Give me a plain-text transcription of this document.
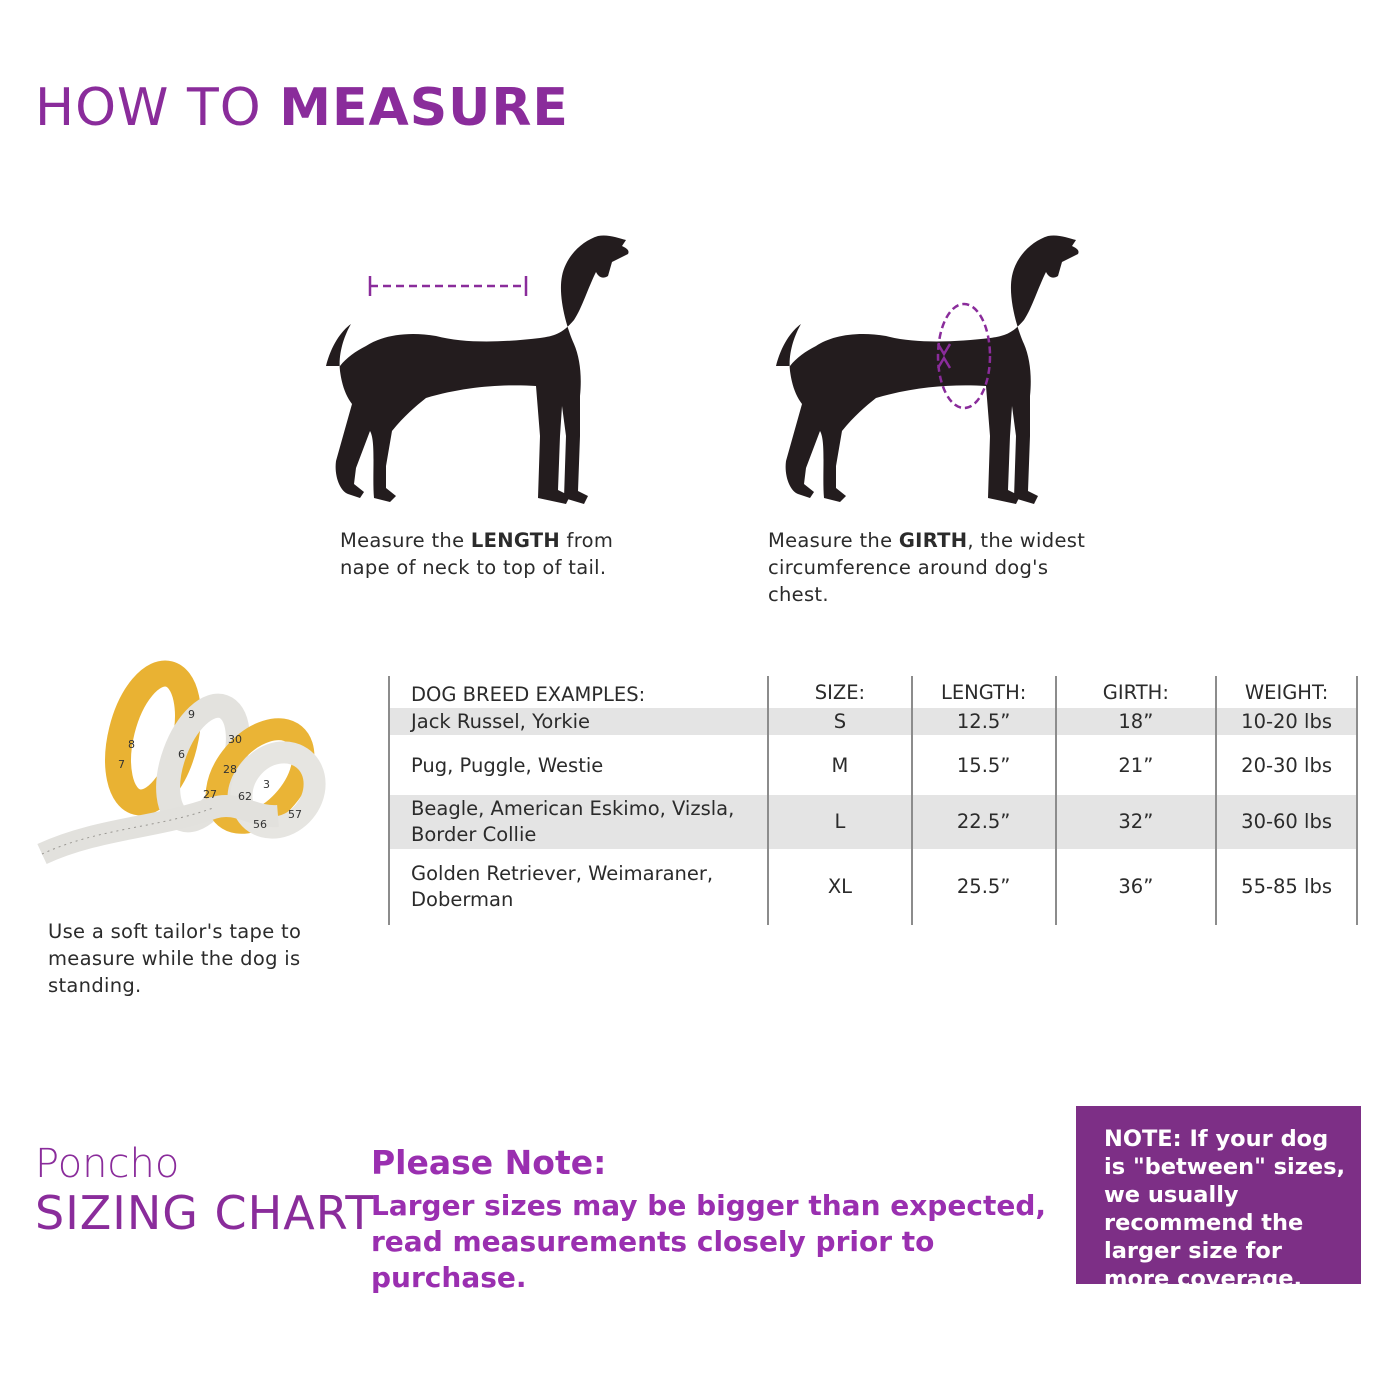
HOW TO MEASURE
Measure the LENGTH from nape of neck to top of tail.
Measure the GIRTH, the widest circumference around dog's chest.
8
7
6
9
30
28
27 62
3
56
57
Use a soft tailor's tape to measure while the dog is standing.
DOG BREED EXAMPLES:	SIZE:	LENGTH:	GIRTH:	WEIGHT:
Jack Russel, Yorkie	S	12.5”	18”	10-20 lbs
Pug, Puggle, Westie	M	15.5”	21”	20-30 lbs
Beagle, American Eskimo, Vizsla, Border Collie	L	22.5”	32”	30-60 lbs
Golden Retriever, Weimaraner, Doberman	XL	25.5”	36”	55-85 lbs
Poncho
SIZING CHART
Please Note:
Larger sizes may be bigger than expected, read measurements closely prior to purchase.
NOTE: If your dog is "between" sizes, we usually recommend the larger size for more coverage.
